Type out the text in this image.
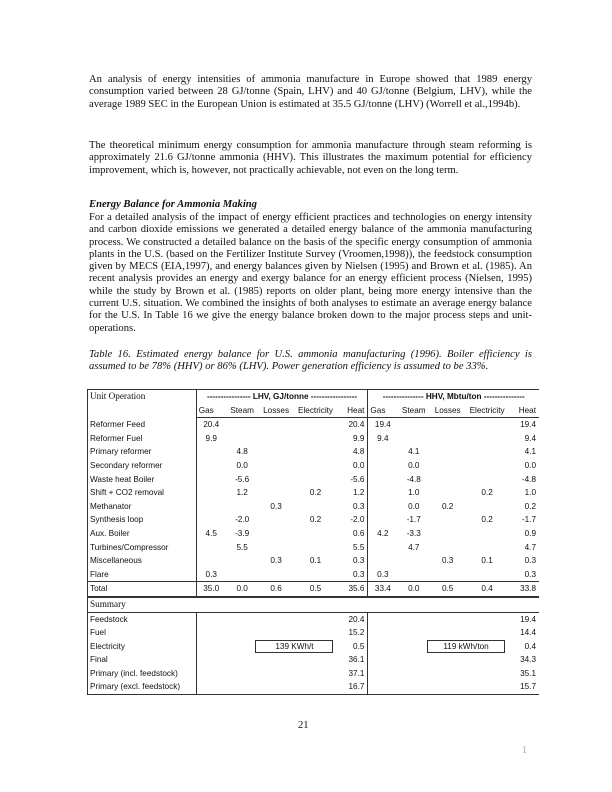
An analysis of energy intensities of ammonia manufacture in Europe showed that 1989 energy consumption varied between 28 GJ/tonne (Spain, LHV) and 40 GJ/tonne (Belgium, LHV), while the average 1989 SEC in the European Union is estimated at 35.5 GJ/tonne (LHV) (Worrell et al.,1994b).

The theoretical minimum energy consumption for ammonia manufacture through steam reforming is approximately 21.6 GJ/tonne ammonia (HHV). This illustrates the maximum potential for efficiency improvement, which is, however, not practically achievable, not even on the long term.

Energy Balance for Ammonia Making

For a detailed analysis of the impact of energy efficient practices and technologies on energy intensity and carbon dioxide emissions we generated a detailed energy balance of the ammonia manufacturing process. We constructed a detailed balance on the basis of the specific energy consumption of ammonia plants in the U.S. (based on the Fertilizer Institute Survey (Vroomen,1998)), the feedstock consumption given by MECS (EIA,1997), and energy balances given by Nielsen (1995) and Brown et al. (1985). An recent analysis provides an energy and exergy balance for an energy efficient process (Nielsen, 1995) while the study by Brown et al. (1985) reports on older plant, being more energy intensive than the current U.S. situation. We combined the insights of both analyses to estimate an average energy balance for the U.S. In Table 16 we give the energy balance broken down to the major process steps and unit-operations.

Table 16. Estimated energy balance for U.S. ammonia manufacturing (1996). Boiler efficiency is assumed to be 78% (HHV) or 86% (LHV). Power generation efficiency is assumed to be 33%.

Unit Operation	---------------- LHV, GJ/tonne -----------------					--------------- HHV, Mbtu/ton ---------------				
	Gas	Steam	Losses	Electricity	Heat	Gas	Steam	Losses	Electricity	Heat
Reformer Feed	20.4				20.4	19.4				19.4
Reformer Fuel	9.9				9.9	9.4				9.4
Primary reformer		4.8			4.8		4.1			4.1
Secondary reformer		0.0			0.0		0.0			0.0
Waste heat Boiler		-5.6			-5.6		-4.8			-4.8
Shift + CO2 removal		1.2		0.2	1.2		1.0		0.2	1.0
Methanator			0.3		0.3		0.0	0.2		0.2
Synthesis loop		-2.0		0.2	-2.0		-1.7		0.2	-1.7
Aux. Boiler	4.5	-3.9			0.6	4.2	-3.3			0.9
Turbines/Compressor		5.5			5.5		4.7			4.7
Miscellaneous			0.3	0.1	0.3			0.3	0.1	0.3
Flare	0.3				0.3	0.3				0.3
Total	35.0	0.0	0.6	0.5	35.6	33.4	0.0	0.5	0.4	33.8
Summary										
Feedstock					20.4					19.4
Fuel					15.2					14.4
Electricity	139 KWh/t				0.5	119 kWh/ton				0.4
Final					36.1					34.3
Primary (incl. feedstock)					37.1					35.1
Primary (excl. feedstock)					16.7					15.7
21
1
